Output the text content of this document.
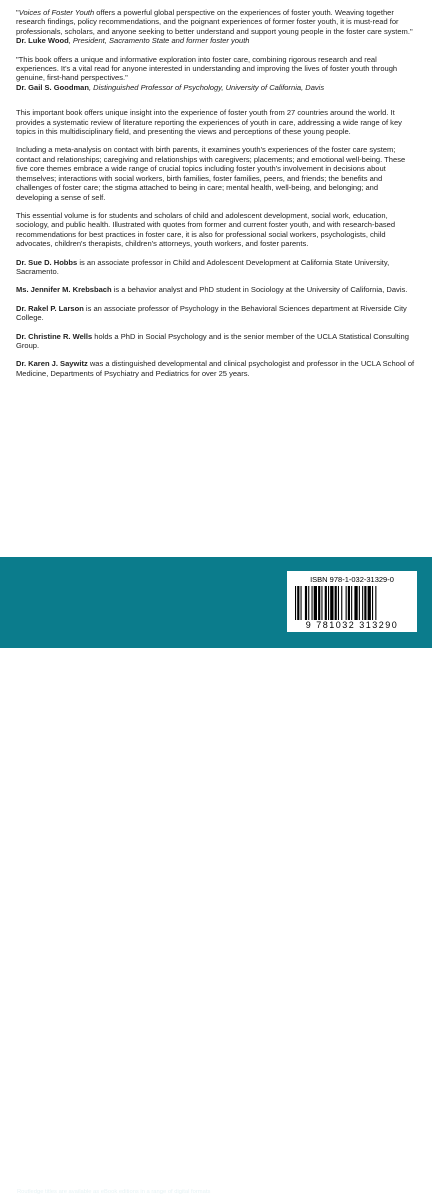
"Voices of Foster Youth offers a powerful global perspective on the experiences of foster youth. Weaving together research findings, policy recommendations, and the poignant experiences of former foster youth, it is must-read for professionals, scholars, and anyone seeking to better understand and support young people in the foster care system."
Dr. Luke Wood, President, Sacramento State and former foster youth

"This book offers a unique and informative exploration into foster care, combining rigorous research and real experiences. It's a vital read for anyone interested in understanding and improving the lives of foster youth through genuine, first-hand perspectives."
Dr. Gail S. Goodman, Distinguished Professor of Psychology, University of California, Davis

This important book offers unique insight into the experience of foster youth from 27 countries around the world. It provides a systematic review of literature reporting the experiences of youth in care, addressing a wide range of key topics in this multidisciplinary field, and presenting the views and perceptions of these young people.

Including a meta-analysis on contact with birth parents, it examines youth's experiences of the foster care system; contact and relationships; caregiving and relationships with caregivers; placements; and emotional well-being. These five core themes embrace a wide range of crucial topics including foster youth's involvement in decisions about themselves; interactions with social workers, birth families, foster families, peers, and friends; the benefits and challenges of foster care; the stigma attached to being in care; mental health, well-being, and belonging; and developing a sense of self.

This essential volume is for students and scholars of child and adolescent development, social work, education, sociology, and public health. Illustrated with quotes from former and current foster youth, and with research-based recommendations for best practices in foster care, it is also for professional social workers, psychologists, child advocates, children's therapists, children's attorneys, youth workers, and foster parents.

Dr. Sue D. Hobbs is an associate professor in Child and Adolescent Development at California State University, Sacramento.

Ms. Jennifer M. Krebsbach is a behavior analyst and PhD student in Sociology at the University of California, Davis.

Dr. Rakel P. Larson is an associate professor of Psychology in the Behavioral Sciences department at Riverside City College.

Dr. Christine R. Wells holds a PhD in Social Psychology and is the senior member of the UCLA Statistical Consulting Group.

Dr. Karen J. Saywitz was a distinguished developmental and clinical psychologist and professor in the UCLA School of Medicine, Departments of Psychiatry and Pediatrics for over 25 years.

R Routledge
Taylor & Francis Group
www.routledge.com
Routledge titles are available as eBook editions in a range of digital formats
ISBN 978-1-032-31329-0
9 781032 313290
